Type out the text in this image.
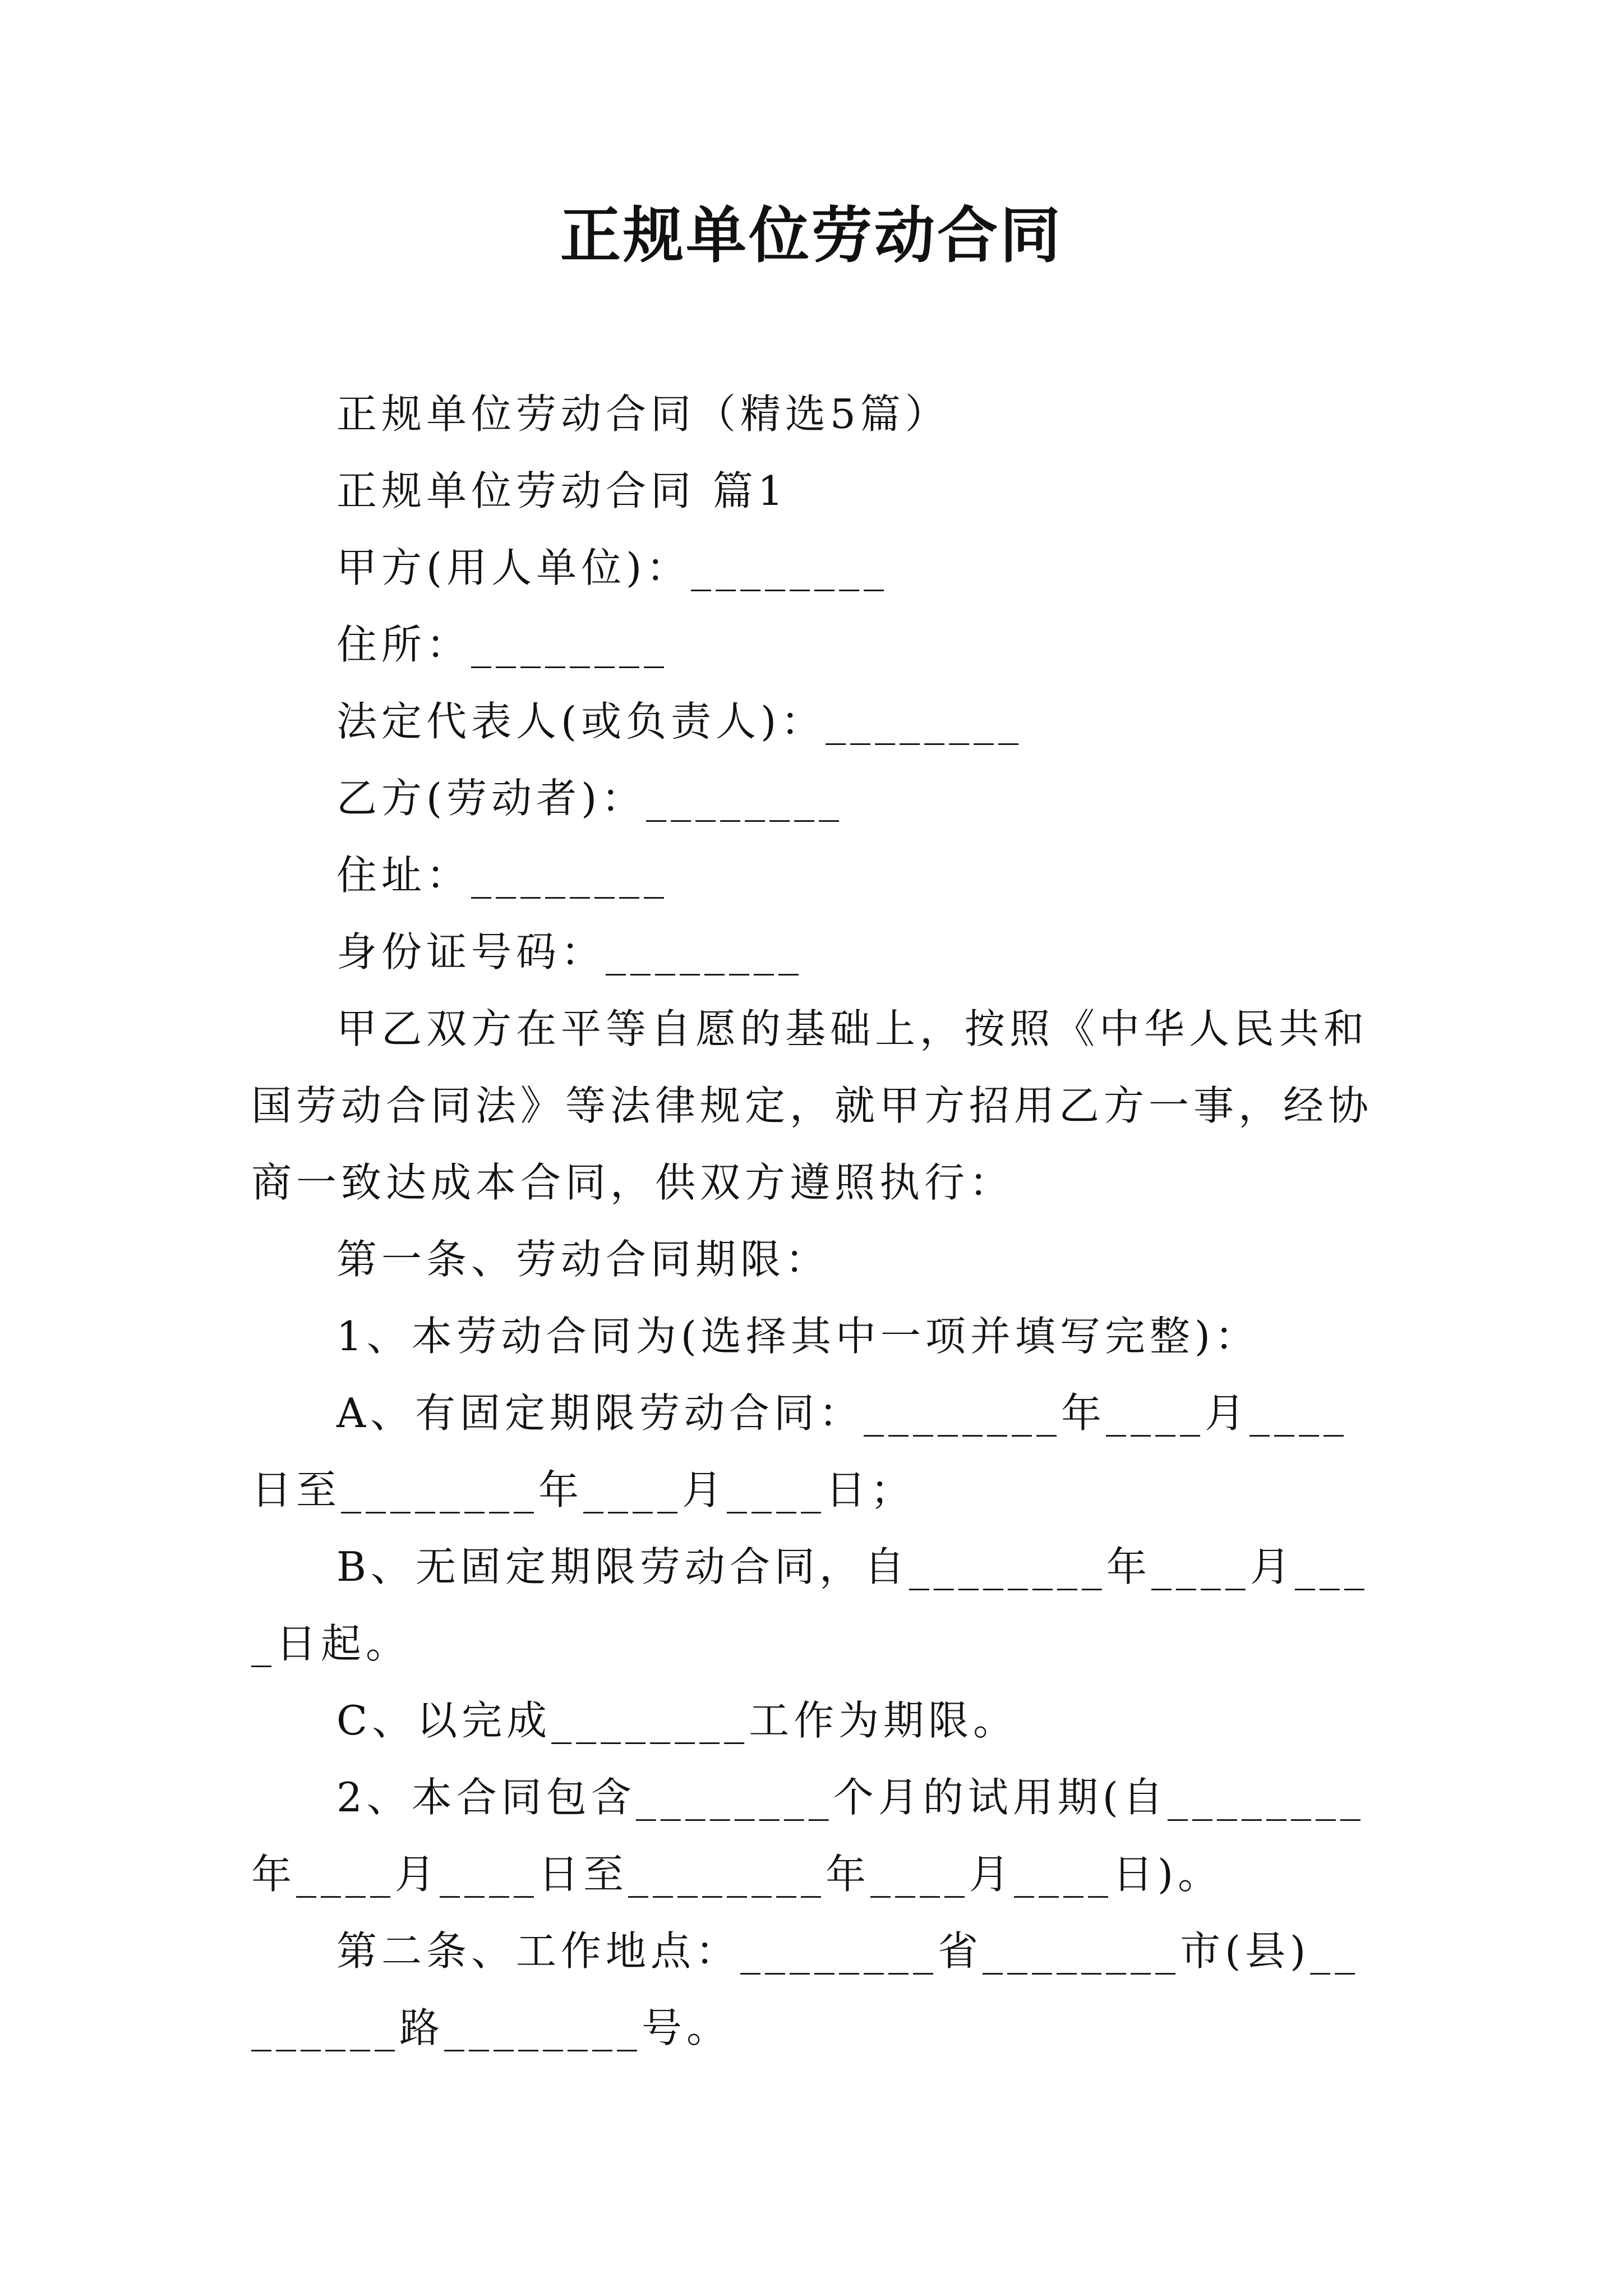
正规单位劳动合同

正规单位劳动合同（精选5篇）

正规单位劳动合同 篇1

甲方(用人单位)：________

住所：________

法定代表人(或负责人)：________

乙方(劳动者)：________

住址：________

身份证号码：________

甲乙双方在平等自愿的基础上，按照《中华人民共和国劳动合同法》等法律规定，就甲方招用乙方一事，经协商一致达成本合同，供双方遵照执行：

第一条、劳动合同期限：

1、本劳动合同为(选择其中一项并填写完整)：

A、有固定期限劳动合同：________年____月____日至________年____月____日；

B、无固定期限劳动合同，自________年____月____日起。

C、以完成________工作为期限。

2、本合同包含________个月的试用期(自________年____月____日至________年____月____日)。

第二条、工作地点：________省________市(县)________路________号。
